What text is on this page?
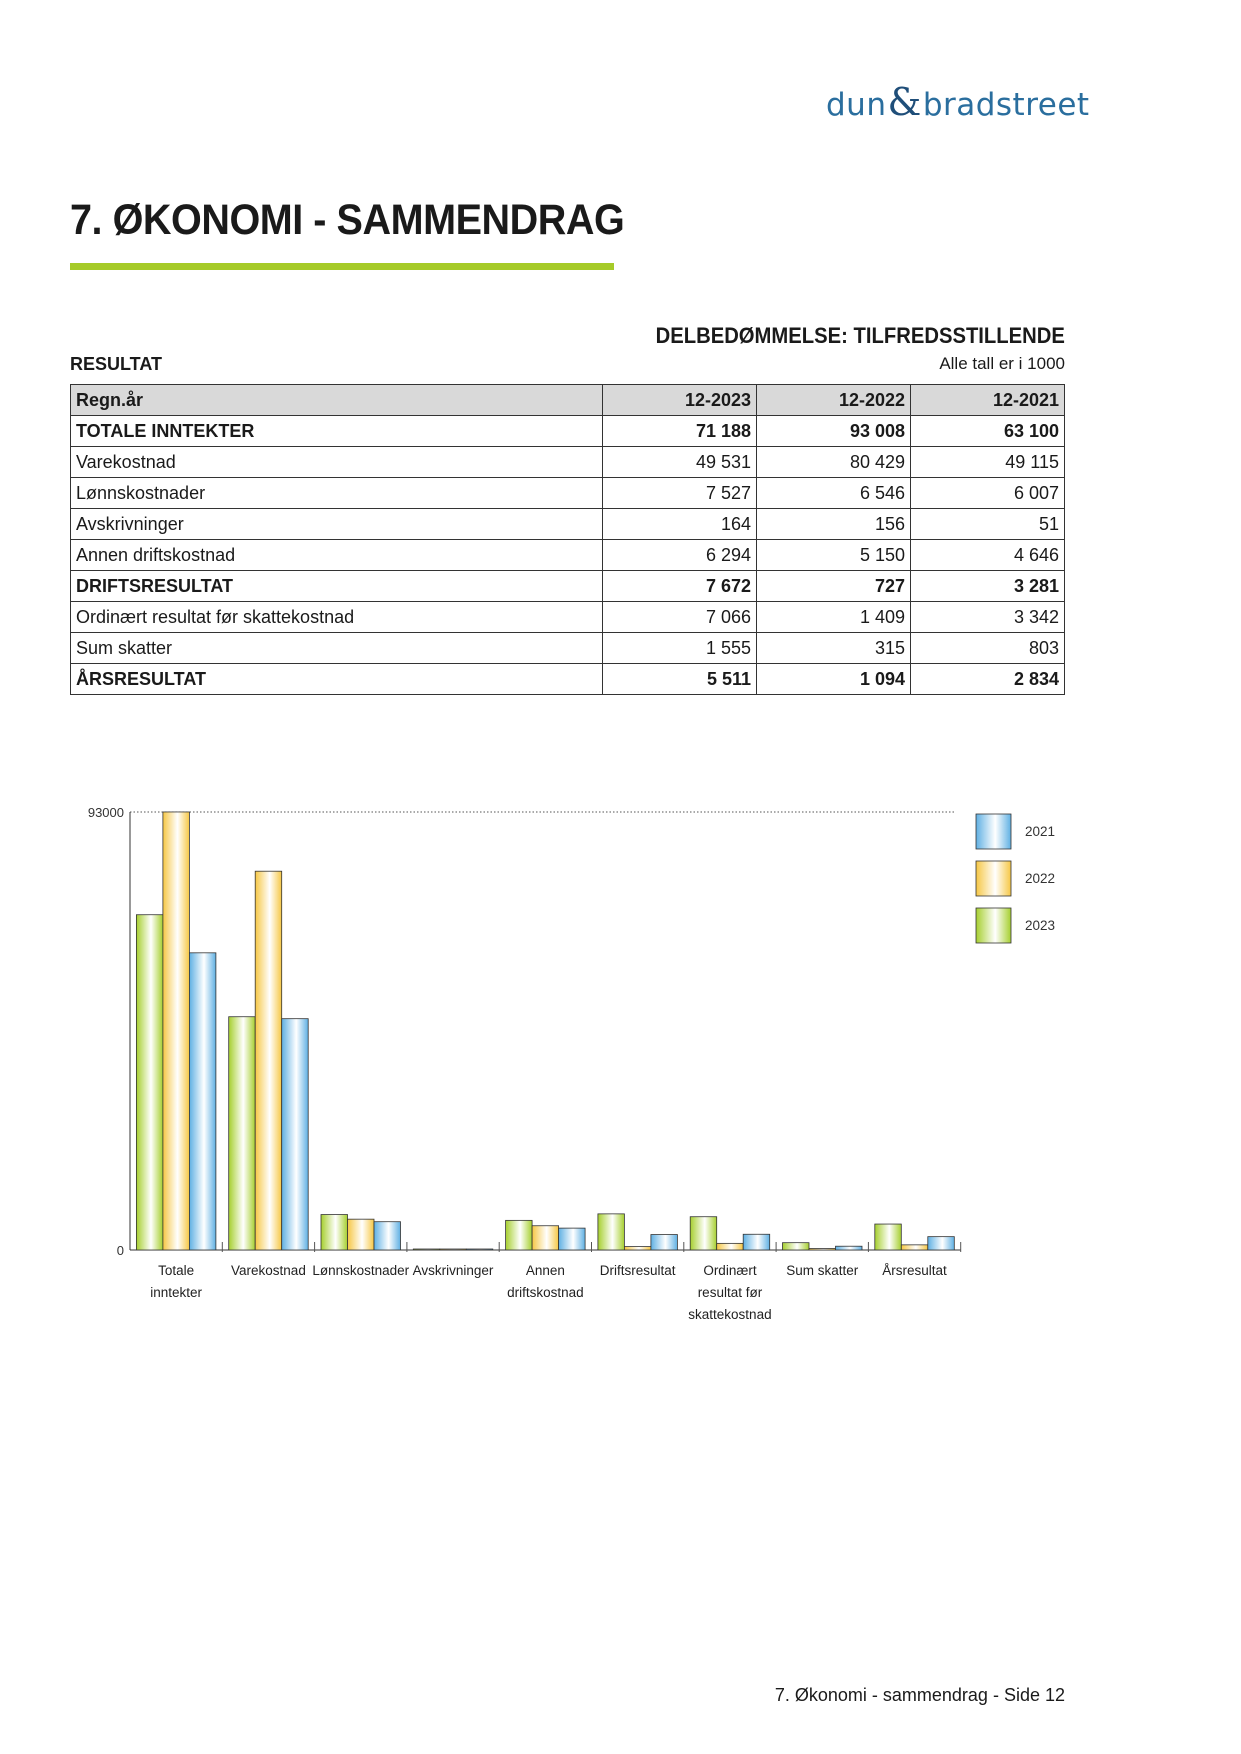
dun&bradstreet
7. ØKONOMI - SAMMENDRAG
DELBEDØMMELSE: TILFREDSSTILLENDE
RESULTAT	Alle tall er i 1000
Regn.år	12-2023	12-2022	12-2021
TOTALE INNTEKTER	71 188	93 008	63 100
Varekostnad	49 531	80 429	49 115
Lønnskostnader	7 527	6 546	6 007
Avskrivninger	164	156	51
Annen driftskostnad	6 294	5 150	4 646
DRIFTSRESULTAT	7 672	727	3 281
Ordinært resultat før skattekostnad	7 066	1 409	3 342
Sum skatter	1 555	315	803
ÅRSRESULTAT	5 511	1 094	2 834
93000
0
Totale
inntekter
Varekostnad Lønnskostnader Avskrivninger Annen
driftskostnad
Driftsresultat Ordinært
resultat før
skattekostnad
Sum skatter Årsresultat
2021
2022
2023
7. Økonomi - sammendrag - Side 12
